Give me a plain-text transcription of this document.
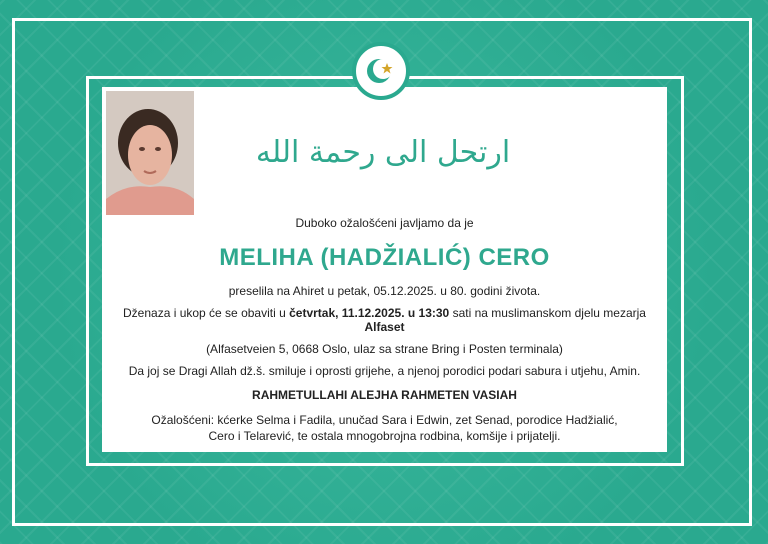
ارتحل الى رحمة الله
Duboko ožalošćeni javljamo da je
MELIHA (HADŽIALIĆ) CERO
preselila na Ahiret u petak, 05.12.2025. u 80. godini života.
Dženaza i ukop će se obaviti u četvrtak, 11.12.2025. u 13:30 sati na muslimanskom djelu mezarja Alfaset
(Alfasetveien 5, 0668 Oslo, ulaz sa strane Bring i Posten terminala)
Da joj se Dragi Allah dž.š. smiluje i oprosti grijehe, a njenoj porodici podari sabura i utjehu, Amin.
RAHMETULLAHI ALEJHA RAHMETEN VASIAH
Ožalošćeni: kćerke Selma i Fadila, unučad Sara i Edwin, zet Senad, porodice Hadžialić, Cero i Telarević, te ostala mnogobrojna rodbina, komšije i prijatelji.
